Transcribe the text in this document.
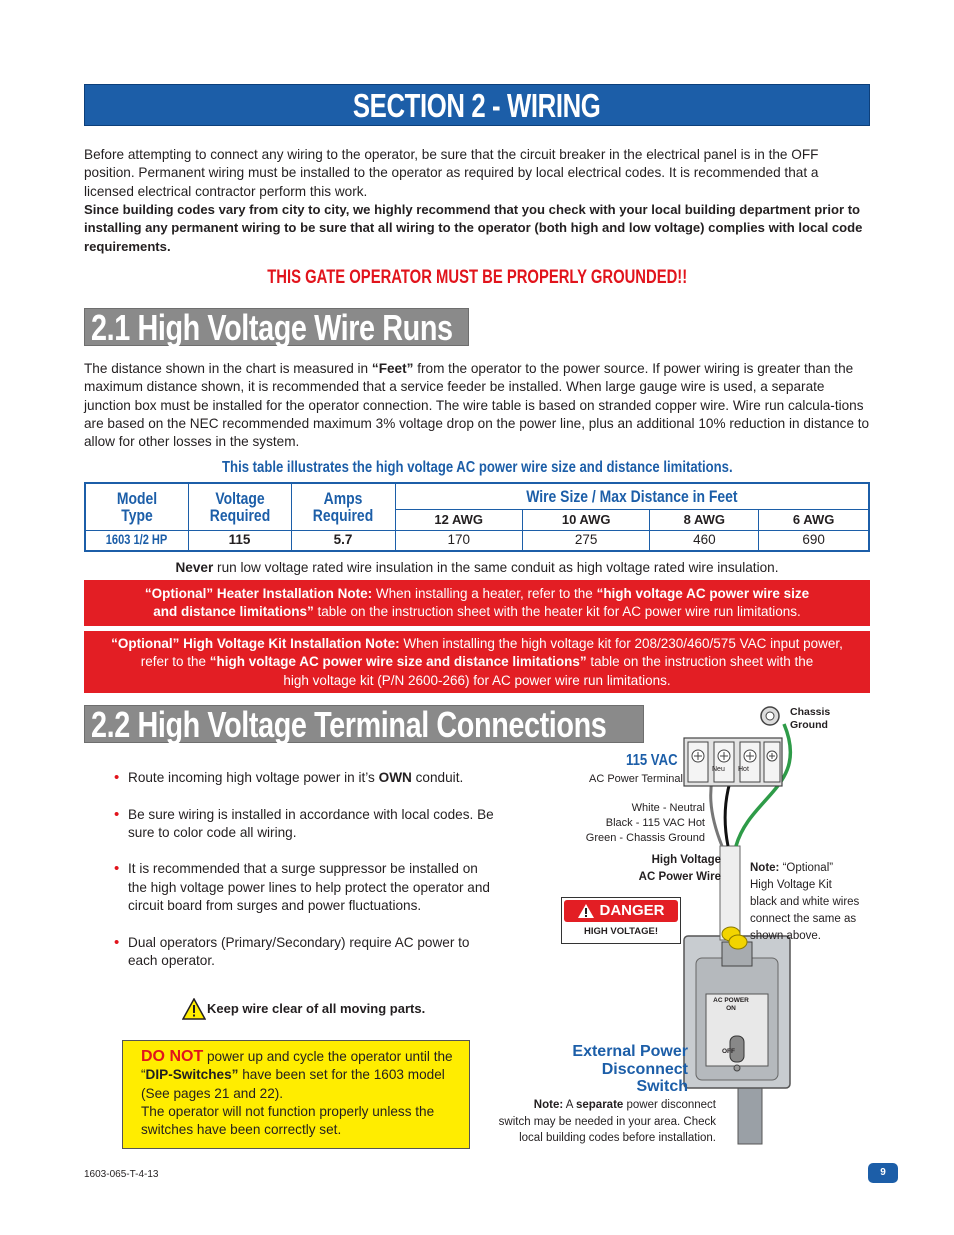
SECTION 2 - WIRING
Before attempting to connect any wiring to the operator, be sure that the circuit breaker in the electrical panel is in the OFF position. Permanent wiring must be installed to the operator as required by local electrical codes. It is recommended that a licensed electrical contractor perform this work.
Since building codes vary from city to city, we highly recommend that you check with your local building department prior to installing any permanent wiring to be sure that all wiring to the operator (both high and low voltage) complies with local code requirements.
THIS GATE OPERATOR MUST BE PROPERLY GROUNDED!!
2.1 High Voltage Wire Runs
The distance shown in the chart is measured in “Feet” from the operator to the power source. If power wiring is greater than the maximum distance shown, it is recommended that a service feeder be installed. When large gauge wire is used, a separate junction box must be installed for the operator connection. The wire table is based on stranded copper wire. Wire run calcula-tions are based on the NEC recommended maximum 3% voltage drop on the power line, plus an additional 10% reduction in distance to allow for other losses in the system.
This table illustrates the high voltage AC power wire size and distance limitations.
Model Type	Voltage Required	Amps Required	Wire Size / Max Distance in Feet			
			12 AWG	10 AWG	8 AWG	6 AWG
1603 1/2 HP	115	5.7	170	275	460	690
Never run low voltage rated wire insulation in the same conduit as high voltage rated wire insulation.
“Optional” Heater Installation Note: When installing a heater, refer to the “high voltage AC power wire size
and distance limitations” table on the instruction sheet with the heater kit for AC power wire run limitations.
“Optional” High Voltage Kit Installation Note: When installing the high voltage kit for 208/230/460/575 VAC input power,
refer to the “high voltage AC power wire size and distance limitations” table on the instruction sheet with the
high voltage kit (P/N 2600-266) for AC power wire run limitations.
2.2 High Voltage Terminal Connections
• Route incoming high voltage power in it’s OWN conduit.
• Be sure wiring is installed in accordance with local codes. Be sure to color code all wiring.
• It is recommended that a surge suppressor be installed on the high voltage power lines to help protect the operator and circuit board from surges and power fluctuations.
• Dual operators (Primary/Secondary) require AC power to each operator.
Keep wire clear of all moving parts.
DO NOT power up and cycle the operator until the “DIP-Switches” have been set for the 1603 model (See pages 21 and 22).
The operator will not function properly unless the switches have been correctly set.
Chassis
Ground
115 VAC
AC Power Terminal
Neu Hot
White - Neutral
Black - 115 VAC Hot
Green - Chassis Ground
High Voltage
AC Power Wire
DANGER
HIGH VOLTAGE!
Note: “Optional”
High Voltage Kit
black and white wires
connect the same as
shown above.
AC POWER
ON
OFF
External Power
Disconnect
Switch
Note: A separate power disconnect
switch may be needed in your area. Check
local building codes before installation.
1603-065-T-4-13	9
